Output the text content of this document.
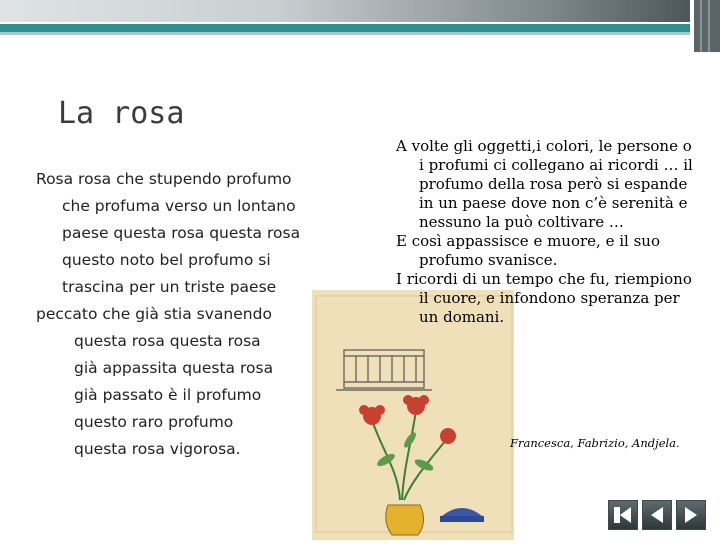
La rosa
Rosa rosa che stupendo profumo
che profuma verso un lontano
paese questa rosa questa rosa
questo noto bel profumo si
trascina per un triste paese
peccato che già stia svanendo
questa rosa questa rosa
già appassita questa rosa
già passato è il profumo
questo raro profumo
questa rosa vigorosa.
A volte gli oggetti,i colori, le persone o i profumi ci collegano ai ricordi … il profumo della rosa però si espande in un paese dove non c’è serenità e nessuno la può coltivare …
E così appassisce e muore, e il suo profumo svanisce.
I ricordi di un tempo che fu, riempiono il cuore, e infondono speranza per un domani.
Francesca, Fabrizio, Andjela.
